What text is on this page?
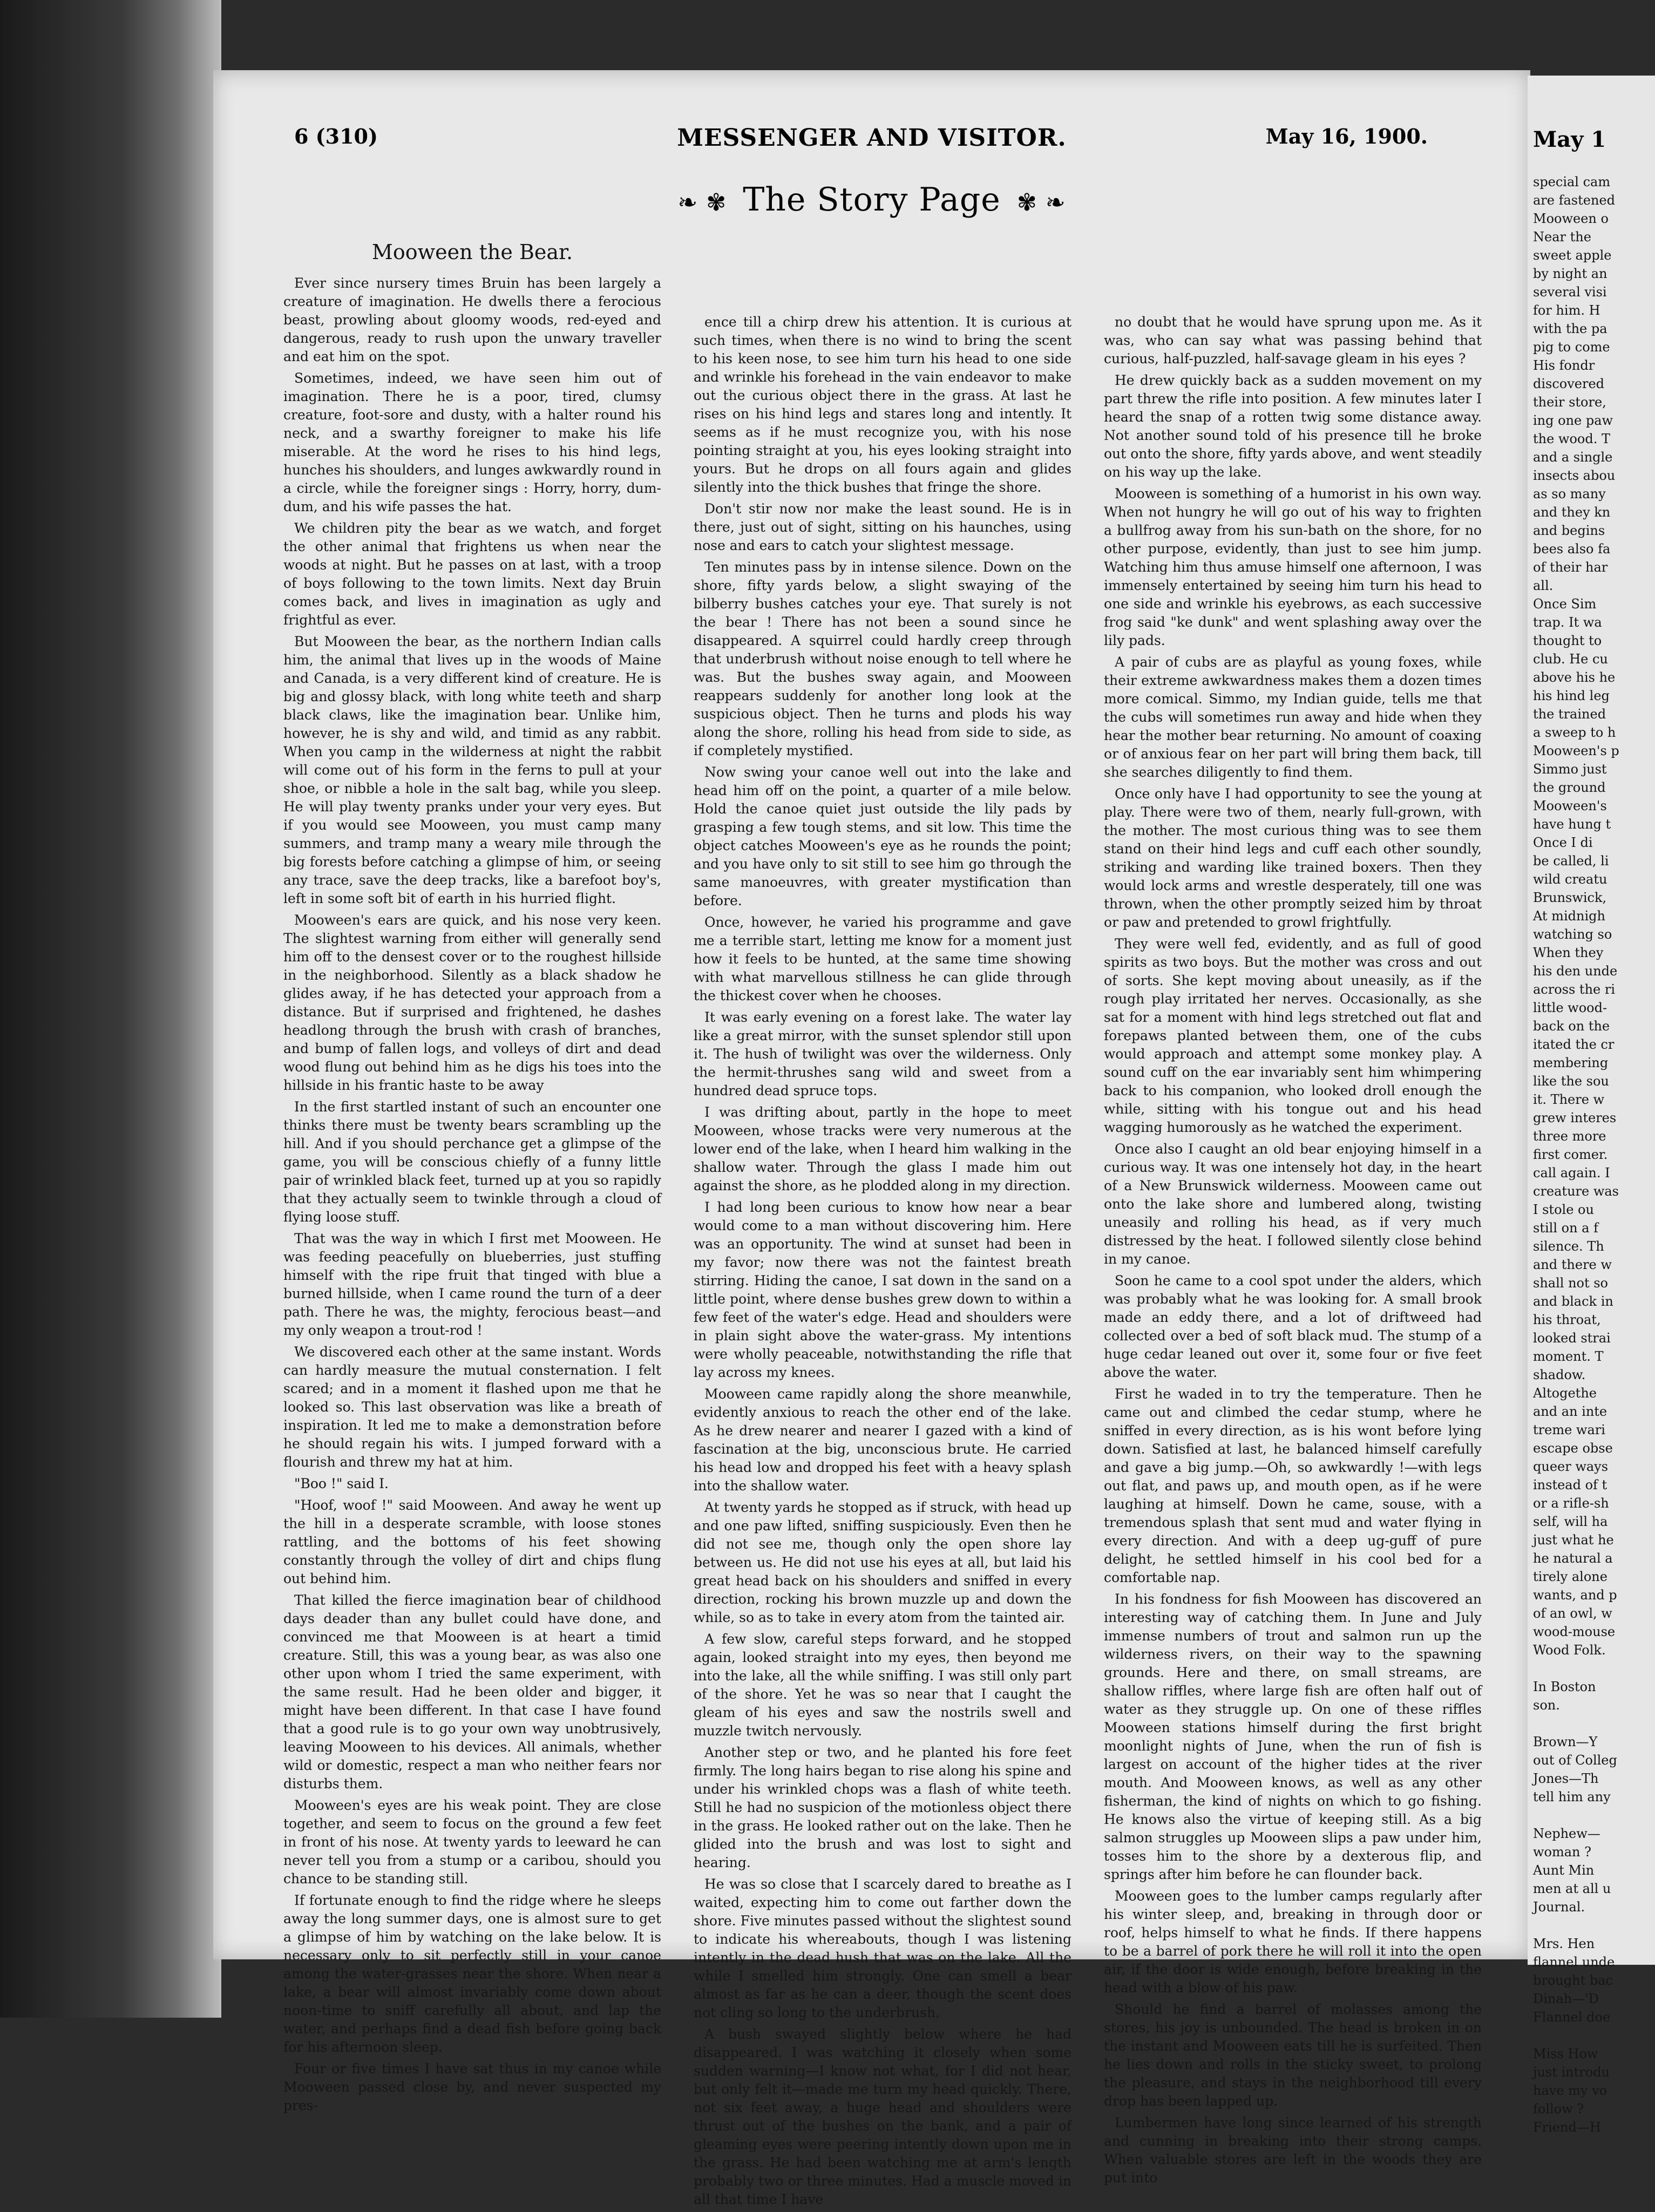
6 (310)	MESSENGER AND VISITOR.	May 16, 1900.
❧ ✾ The Story Page ✾ ❧
Mooween the Bear.

Ever since nursery times Bruin has been largely a creature of imagination. He dwells there a ferocious beast, prowling about gloomy woods, red-eyed and dangerous, ready to rush upon the unwary traveller and eat him on the spot.

Sometimes, indeed, we have seen him out of imagination. There he is a poor, tired, clumsy creature, foot-sore and dusty, with a halter round his neck, and a swarthy foreigner to make his life miserable. At the word he rises to his hind legs, hunches his shoulders, and lunges awkwardly round in a circle, while the foreigner sings : Horry, horry, dum-dum, and his wife passes the hat.

We children pity the bear as we watch, and forget the other animal that frightens us when near the woods at night. But he passes on at last, with a troop of boys following to the town limits. Next day Bruin comes back, and lives in imagination as ugly and frightful as ever.

But Mooween the bear, as the northern Indian calls him, the animal that lives up in the woods of Maine and Canada, is a very different kind of creature. He is big and glossy black, with long white teeth and sharp black claws, like the imagination bear. Unlike him, however, he is shy and wild, and timid as any rabbit. When you camp in the wilderness at night the rabbit will come out of his form in the ferns to pull at your shoe, or nibble a hole in the salt bag, while you sleep. He will play twenty pranks under your very eyes. But if you would see Mooween, you must camp many summers, and tramp many a weary mile through the big forests before catching a glimpse of him, or seeing any trace, save the deep tracks, like a barefoot boy's, left in some soft bit of earth in his hurried flight.

Mooween's ears are quick, and his nose very keen. The slightest warning from either will generally send him off to the densest cover or to the roughest hillside in the neighborhood. Silently as a black shadow he glides away, if he has detected your approach from a distance. But if surprised and frightened, he dashes headlong through the brush with crash of branches, and bump of fallen logs, and volleys of dirt and dead wood flung out behind him as he digs his toes into the hillside in his frantic haste to be away

In the first startled instant of such an encounter one thinks there must be twenty bears scrambling up the hill. And if you should perchance get a glimpse of the game, you will be conscious chiefly of a funny little pair of wrinkled black feet, turned up at you so rapidly that they actually seem to twinkle through a cloud of flying loose stuff.

That was the way in which I first met Mooween. He was feeding peacefully on blueberries, just stuffing himself with the ripe fruit that tinged with blue a burned hillside, when I came round the turn of a deer path. There he was, the mighty, ferocious beast—and my only weapon a trout-rod !

We discovered each other at the same instant. Words can hardly measure the mutual consternation. I felt scared; and in a moment it flashed upon me that he looked so. This last observation was like a breath of inspiration. It led me to make a demonstration before he should regain his wits. I jumped forward with a flourish and threw my hat at him.

"Boo !" said I.

"Hoof, woof !" said Mooween. And away he went up the hill in a desperate scramble, with loose stones rattling, and the bottoms of his feet showing constantly through the volley of dirt and chips flung out behind him.

That killed the fierce imagination bear of childhood days deader than any bullet could have done, and convinced me that Mooween is at heart a timid creature. Still, this was a young bear, as was also one other upon whom I tried the same experiment, with the same result. Had he been older and bigger, it might have been different. In that case I have found that a good rule is to go your own way unobtrusively, leaving Mooween to his devices. All animals, whether wild or domestic, respect a man who neither fears nor disturbs them.

Mooween's eyes are his weak point. They are close together, and seem to focus on the ground a few feet in front of his nose. At twenty yards to leeward he can never tell you from a stump or a caribou, should you chance to be standing still.

If fortunate enough to find the ridge where he sleeps away the long summer days, one is almost sure to get a glimpse of him by watching on the lake below. It is necessary only to sit perfectly still in your canoe among the water-grasses near the shore. When near a lake, a bear will almost invariably come down about noon-time to sniff carefully all about, and lap the water, and perhaps find a dead fish before going back for his afternoon sleep.

Four or five times I have sat thus in my canoe while Mooween passed close by, and never suspected my pres-

ence till a chirp drew his attention. It is curious at such times, when there is no wind to bring the scent to his keen nose, to see him turn his head to one side and wrinkle his forehead in the vain endeavor to make out the curious object there in the grass. At last he rises on his hind legs and stares long and intently. It seems as if he must recognize you, with his nose pointing straight at you, his eyes looking straight into yours. But he drops on all fours again and glides silently into the thick bushes that fringe the shore.

Don't stir now nor make the least sound. He is in there, just out of sight, sitting on his haunches, using nose and ears to catch your slightest message.

Ten minutes pass by in intense silence. Down on the shore, fifty yards below, a slight swaying of the bilberry bushes catches your eye. That surely is not the bear ! There has not been a sound since he disappeared. A squirrel could hardly creep through that underbrush without noise enough to tell where he was. But the bushes sway again, and Mooween reappears suddenly for another long look at the suspicious object. Then he turns and plods his way along the shore, rolling his head from side to side, as if completely mystified.

Now swing your canoe well out into the lake and head him off on the point, a quarter of a mile below. Hold the canoe quiet just outside the lily pads by grasping a few tough stems, and sit low. This time the object catches Mooween's eye as he rounds the point; and you have only to sit still to see him go through the same manoeuvres, with greater mystification than before.

Once, however, he varied his programme and gave me a terrible start, letting me know for a moment just how it feels to be hunted, at the same time showing with what marvellous stillness he can glide through the thickest cover when he chooses.

It was early evening on a forest lake. The water lay like a great mirror, with the sunset splendor still upon it. The hush of twilight was over the wilderness. Only the hermit-thrushes sang wild and sweet from a hundred dead spruce tops.

I was drifting about, partly in the hope to meet Mooween, whose tracks were very numerous at the lower end of the lake, when I heard him walking in the shallow water. Through the glass I made him out against the shore, as he plodded along in my direction.

I had long been curious to know how near a bear would come to a man without discovering him. Here was an opportunity. The wind at sunset had been in my favor; now there was not the faintest breath stirring. Hiding the canoe, I sat down in the sand on a little point, where dense bushes grew down to within a few feet of the water's edge. Head and shoulders were in plain sight above the water-grass. My intentions were wholly peaceable, notwithstanding the rifle that lay across my knees.

Mooween came rapidly along the shore meanwhile, evidently anxious to reach the other end of the lake. As he drew nearer and nearer I gazed with a kind of fascination at the big, unconscious brute. He carried his head low and dropped his feet with a heavy splash into the shallow water.

At twenty yards he stopped as if struck, with head up and one paw lifted, sniffing suspiciously. Even then he did not see me, though only the open shore lay between us. He did not use his eyes at all, but laid his great head back on his shoulders and sniffed in every direction, rocking his brown muzzle up and down the while, so as to take in every atom from the tainted air.

A few slow, careful steps forward, and he stopped again, looked straight into my eyes, then beyond me into the lake, all the while sniffing. I was still only part of the shore. Yet he was so near that I caught the gleam of his eyes and saw the nostrils swell and muzzle twitch nervously.

Another step or two, and he planted his fore feet firmly. The long hairs began to rise along his spine and under his wrinkled chops was a flash of white teeth. Still he had no suspicion of the motionless object there in the grass. He looked rather out on the lake. Then he glided into the brush and was lost to sight and hearing.

He was so close that I scarcely dared to breathe as I waited, expecting him to come out farther down the shore. Five minutes passed without the slightest sound to indicate his whereabouts, though I was listening intently in the dead hush that was on the lake. All the while I smelled him strongly. One can smell a bear almost as far as he can a deer, though the scent does not cling so long to the underbrush.

A bush swayed slightly below where he had disappeared. I was watching it closely when some sudden warning—I know not what, for I did not hear, but only felt it—made me turn my head quickly. There, not six feet away, a huge head and shoulders were thrust out of the bushes on the bank, and a pair of gleaming eyes were peering intently down upon me in the grass. He had been watching me at arm's length probably two or three minutes. Had a muscle moved in all that time I have

no doubt that he would have sprung upon me. As it was, who can say what was passing behind that curious, half-puzzled, half-savage gleam in his eyes ?

He drew quickly back as a sudden movement on my part threw the rifle into position. A few minutes later I heard the snap of a rotten twig some distance away. Not another sound told of his presence till he broke out onto the shore, fifty yards above, and went steadily on his way up the lake.

Mooween is something of a humorist in his own way. When not hungry he will go out of his way to frighten a bullfrog away from his sun-bath on the shore, for no other purpose, evidently, than just to see him jump. Watching him thus amuse himself one afternoon, I was immensely entertained by seeing him turn his head to one side and wrinkle his eyebrows, as each successive frog said "ke dunk" and went splashing away over the lily pads.

A pair of cubs are as playful as young foxes, while their extreme awkwardness makes them a dozen times more comical. Simmo, my Indian guide, tells me that the cubs will sometimes run away and hide when they hear the mother bear returning. No amount of coaxing or of anxious fear on her part will bring them back, till she searches diligently to find them.

Once only have I had opportunity to see the young at play. There were two of them, nearly full-grown, with the mother. The most curious thing was to see them stand on their hind legs and cuff each other soundly, striking and warding like trained boxers. Then they would lock arms and wrestle desperately, till one was thrown, when the other promptly seized him by throat or paw and pretended to growl frightfully.

They were well fed, evidently, and as full of good spirits as two boys. But the mother was cross and out of sorts. She kept moving about uneasily, as if the rough play irritated her nerves. Occasionally, as she sat for a moment with hind legs stretched out flat and forepaws planted between them, one of the cubs would approach and attempt some monkey play. A sound cuff on the ear invariably sent him whimpering back to his companion, who looked droll enough the while, sitting with his tongue out and his head wagging humorously as he watched the experiment.

Once also I caught an old bear enjoying himself in a curious way. It was one intensely hot day, in the heart of a New Brunswick wilderness. Mooween came out onto the lake shore and lumbered along, twisting uneasily and rolling his head, as if very much distressed by the heat. I followed silently close behind in my canoe.

Soon he came to a cool spot under the alders, which was probably what he was looking for. A small brook made an eddy there, and a lot of driftweed had collected over a bed of soft black mud. The stump of a huge cedar leaned out over it, some four or five feet above the water.

First he waded in to try the temperature. Then he came out and climbed the cedar stump, where he sniffed in every direction, as is his wont before lying down. Satisfied at last, he balanced himself carefully and gave a big jump.—Oh, so awkwardly !—with legs out flat, and paws up, and mouth open, as if he were laughing at himself. Down he came, souse, with a tremendous splash that sent mud and water flying in every direction. And with a deep ug-guff of pure delight, he settled himself in his cool bed for a comfortable nap.

In his fondness for fish Mooween has discovered an interesting way of catching them. In June and July immense numbers of trout and salmon run up the wilderness rivers, on their way to the spawning grounds. Here and there, on small streams, are shallow riffles, where large fish are often half out of water as they struggle up. On one of these riffles Mooween stations himself during the first bright moonlight nights of June, when the run of fish is largest on account of the higher tides at the river mouth. And Mooween knows, as well as any other fisherman, the kind of nights on which to go fishing. He knows also the virtue of keeping still. As a big salmon struggles up Mooween slips a paw under him, tosses him to the shore by a dexterous flip, and springs after him before he can flounder back.

Mooween goes to the lumber camps regularly after his winter sleep, and, breaking in through door or roof, helps himself to what he finds. If there happens to be a barrel of pork there he will roll it into the open air, if the door is wide enough, before breaking in the head with a blow of his paw.

Should he find a barrel of molasses among the stores, his joy is unbounded. The head is broken in on the instant and Mooween eats till he is surfeited. Then he lies down and rolls in the sticky sweet, to prolong the pleasure, and stays in the neighborhood till every drop has been lapped up.

Lumbermen have long since learned of his strength and cunning in breaking into their strong camps. When valuable stores are left in the woods they are put into

May 1
special cam
are fastened
Mooween o
Near the
sweet apple
by night an
several visi
for him. H
with the pa
pig to come
His fondr
discovered
their store,
ing one paw
the wood. T
and a single
insects abou
as so many
and they kn
and begins
bees also fa
of their har
all.
Once Sim
trap. It wa
thought to
club. He cu
above his he
his hind leg
the trained
a sweep to h
Mooween's p
Simmo just
the ground
Mooween's
have hung t
Once I di
be called, li
wild creatu
Brunswick,
At midnigh
watching so
When they
his den unde
across the ri
little wood-
back on the
itated the cr
membering
like the sou
it. There w
grew interes
three more
first comer.
call again. I
creature was
I stole ou
still on a f
silence. Th
and there w
shall not so
and black in
his throat,
looked strai
moment. T
shadow.
Altogethe
and an inte
treme wari
escape obse
queer ways
instead of t
or a rifle-sh
self, will ha
just what he
he natural a
tirely alone
wants, and p
of an owl, w
wood-mouse
Wood Folk.
In Boston
son.
Brown—Y
out of Colleg
Jones—Th
tell him any
Nephew—
woman ?
Aunt Min
men at all u
Journal.
Mrs. Hen
flannel unde
brought bac
Dinah—'D
Flannel doe
Miss How
just introdu
have my vo
follow ?
Friend—H
